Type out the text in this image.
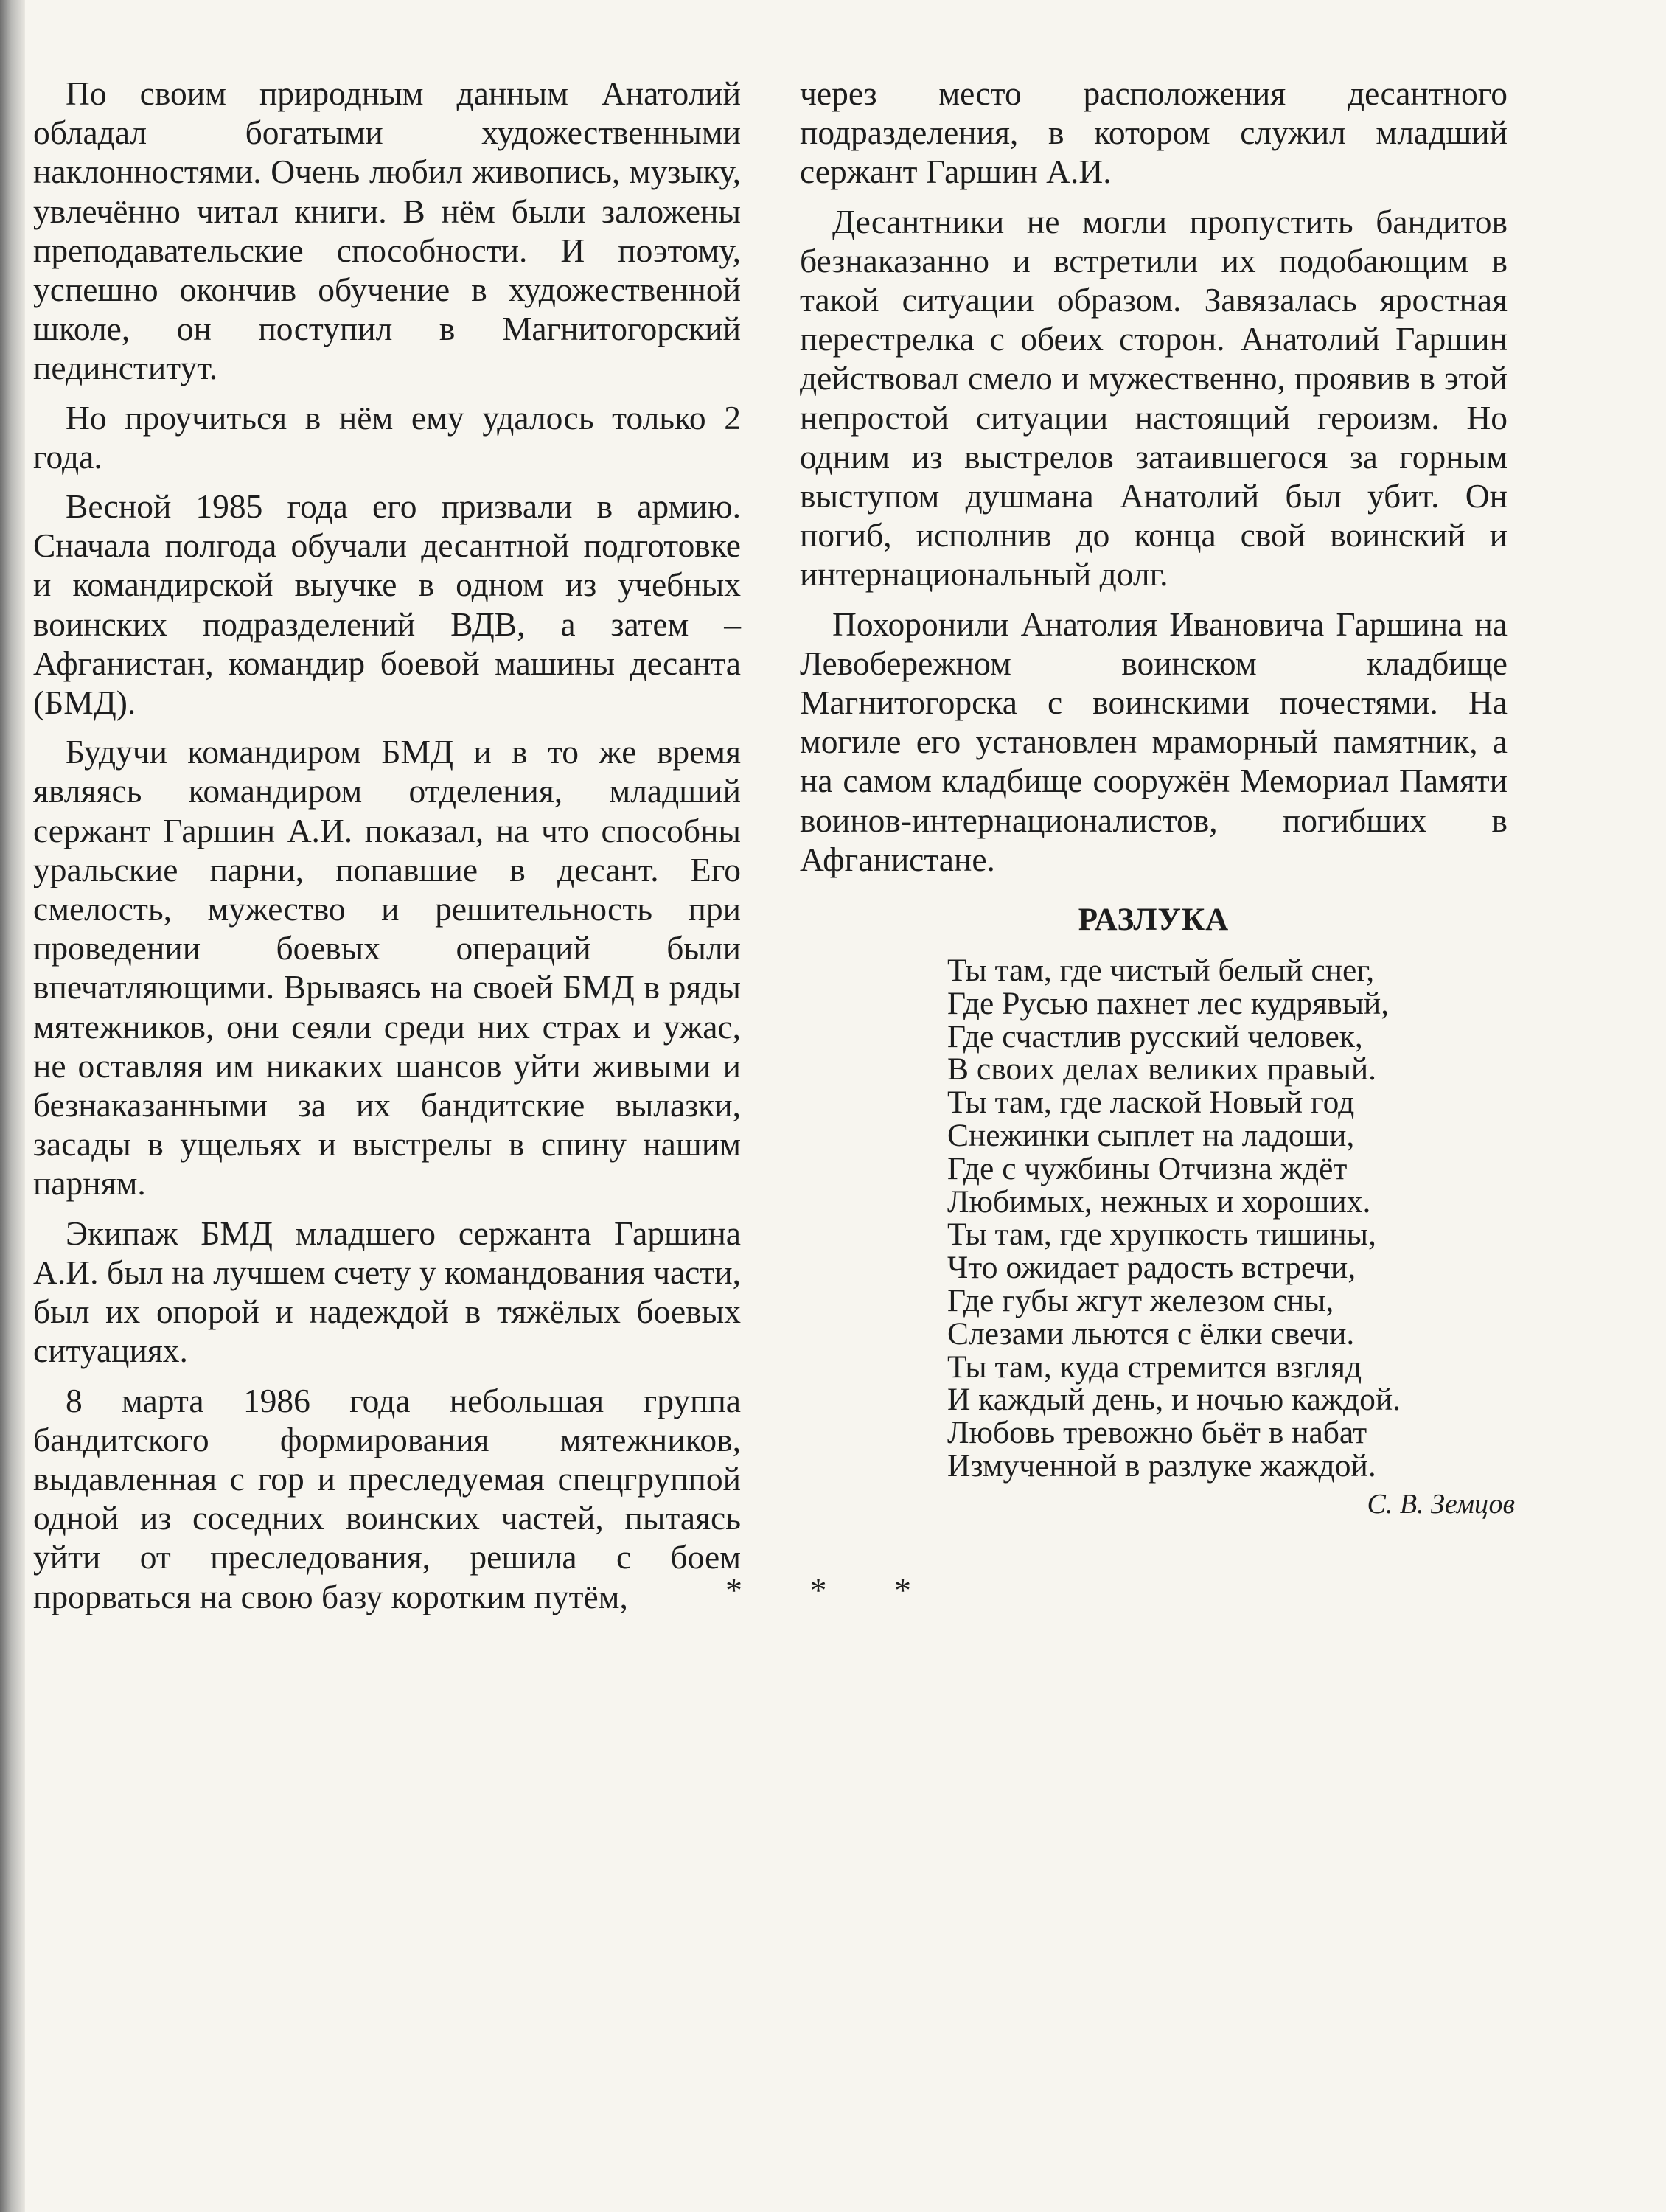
По своим природным данным Анатолий обладал богатыми художественными наклонностями. Очень любил живопись, музыку, увлечённо читал книги. В нём были заложены преподавательские способности. И поэтому, успешно окончив обучение в художественной школе, он поступил в Магнитогорский пединститут.

Но проучиться в нём ему удалось только 2 года.

Весной 1985 года его призвали в армию. Сначала полгода обучали десантной подготовке и командирской выучке в одном из учебных воинских подразделений ВДВ, а затем – Афганистан, командир боевой машины десанта (БМД).

Будучи командиром БМД и в то же время являясь командиром отделения, младший сержант Гаршин А.И. показал, на что способны уральские парни, попавшие в десант. Его смелость, мужество и решительность при проведении боевых операций были впечатляющими. Врываясь на своей БМД в ряды мятежников, они сеяли среди них страх и ужас, не оставляя им никаких шансов уйти живыми и безнаказанными за их бандитские вылазки, засады в ущельях и выстрелы в спину нашим парням.

Экипаж БМД младшего сержанта Гаршина А.И. был на лучшем счету у командования части, был их опорой и надеждой в тяжёлых боевых ситуациях.

8 марта 1986 года небольшая группа бандитского формирования мятежников, выдавленная с гор и преследуемая спецгруппой одной из соседних воинских частей, пытаясь уйти от преследования, решила с боем прорваться на свою базу коротким путём,

через место расположения десантного подразделения, в котором служил младший сержант Гаршин А.И.

Десантники не могли пропустить бандитов безнаказанно и встретили их подобающим в такой ситуации образом. Завязалась яростная перестрелка с обеих сторон. Анатолий Гаршин действовал смело и мужественно, проявив в этой непростой ситуации настоящий героизм. Но одним из выстрелов затаившегося за горным выступом душмана Анатолий был убит. Он погиб, исполнив до конца свой воинский и интернациональный долг.

Похоронили Анатолия Ивановича Гаршина на Левобережном воинском кладбище Магнитогорска с воинскими почестями. На могиле его установлен мраморный памятник, а на самом кладбище сооружён Мемориал Памяти воинов-интернационалистов, погибших в Афганистане.

РАЗЛУКА
Ты там, где чистый белый снег,
Где Русью пахнет лес кудрявый,
Где счастлив русский человек,
В своих делах великих правый.
Ты там, где лаской Новый год
Снежинки сыплет на ладоши,
Где с чужбины Отчизна ждёт
Любимых, нежных и хороших.
Ты там, где хрупкость тишины,
Что ожидает радость встречи,
Где губы жгут железом сны,
Слезами льются с ёлки свечи.
Ты там, куда стремится взгляд
И каждый день, и ночью каждой.
Любовь тревожно бьёт в набат
Измученной в разлуке жаждой.
С. В. Земцов
* * *
